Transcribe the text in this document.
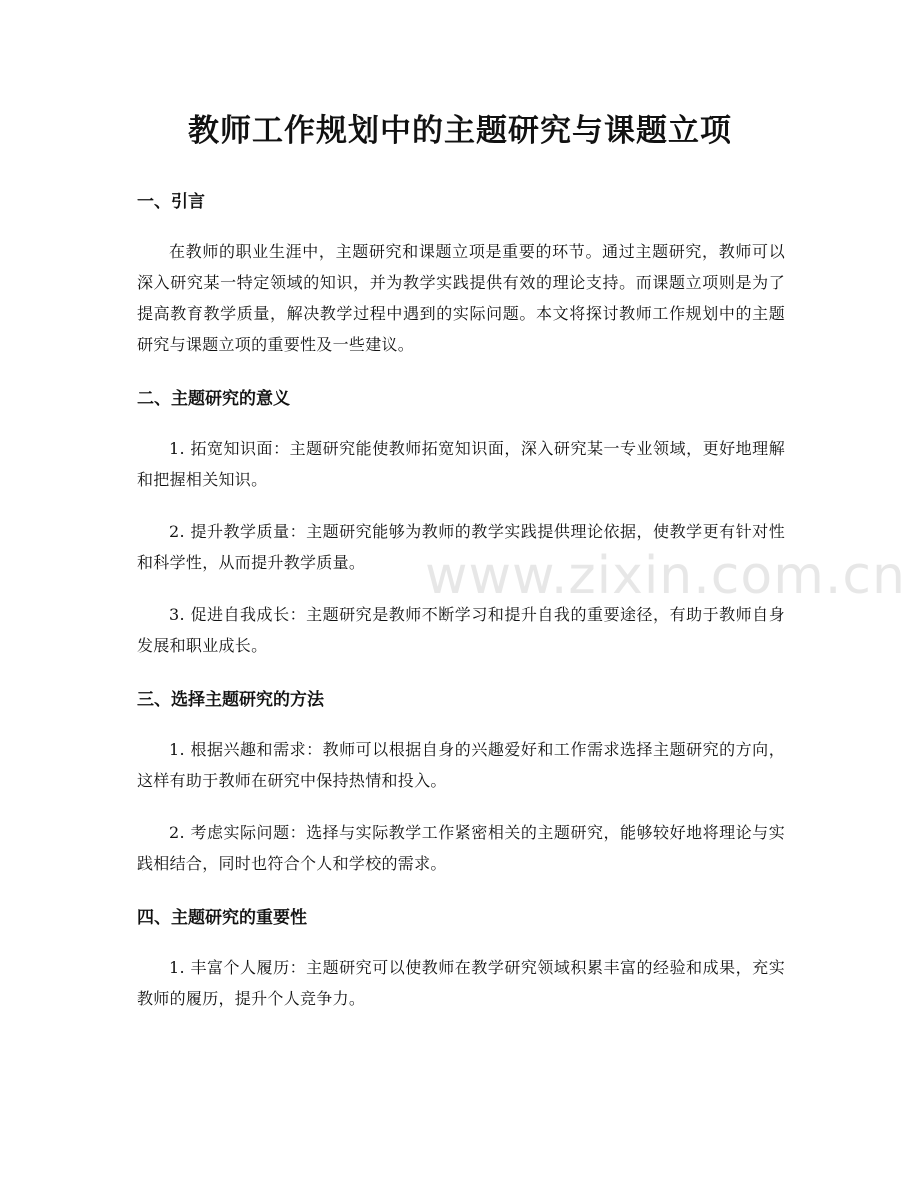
教师工作规划中的主题研究与课题立项
一、引言

在教师的职业生涯中，主题研究和课题立项是重要的环节。通过主题研究，教师可以深入研究某一特定领域的知识，并为教学实践提供有效的理论支持。而课题立项则是为了提高教育教学质量，解决教学过程中遇到的实际问题。本文将探讨教师工作规划中的主题研究与课题立项的重要性及一些建议。

二、主题研究的意义

1. 拓宽知识面：主题研究能使教师拓宽知识面，深入研究某一专业领域，更好地理解和把握相关知识。

2. 提升教学质量：主题研究能够为教师的教学实践提供理论依据，使教学更有针对性和科学性，从而提升教学质量。

3. 促进自我成长：主题研究是教师不断学习和提升自我的重要途径，有助于教师自身发展和职业成长。

三、选择主题研究的方法

1. 根据兴趣和需求：教师可以根据自身的兴趣爱好和工作需求选择主题研究的方向，这样有助于教师在研究中保持热情和投入。

2. 考虑实际问题：选择与实际教学工作紧密相关的主题研究，能够较好地将理论与实践相结合，同时也符合个人和学校的需求。

四、主题研究的重要性

1. 丰富个人履历：主题研究可以使教师在教学研究领域积累丰富的经验和成果，充实教师的履历，提升个人竞争力。

www.zixin.com.cn
